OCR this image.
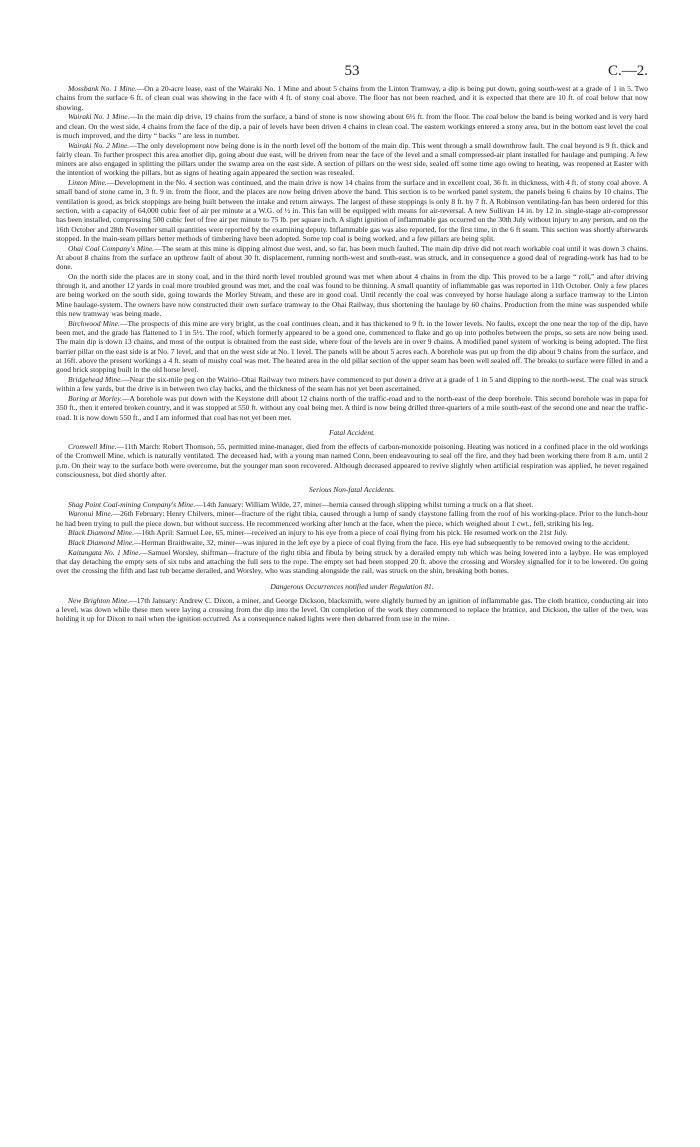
53	C.—2.

Mossbank No. 1 Mine.—On a 20-acre lease, east of the Wairaki No. 1 Mine and about 5 chains from the Linton Tramway, a dip is being put down, going south-west at a grade of 1 in 5. Two chains from the surface 6 ft. of clean coal was showing in the face with 4 ft. of stony coal above. The floor has not been reached, and it is expected that there are 10 ft. of coal below that now showing.

Wairaki No. 1 Mine.—In the main dip drive, 19 chains from the surface, a band of stone is now showing about 6½ ft. from the floor. The coal below the band is being worked and is very hard and clean. On the west side, 4 chains from the face of the dip, a pair of levels have been driven 4 chains in clean coal. The eastern workings entered a stony area, but in the bottom east level the coal is much improved, and the dirty “ backs ” are less in number.

Wairaki No. 2 Mine.—The only development now being done is in the north level off the bottom of the main dip. This went through a small downthrow fault. The coal beyond is 9 ft. thick and fairly clean. To further prospect this area another dip, going about due east, will be driven from near the face of the level and a small compressed-air plant installed for haulage and pumping. A few miners are also engaged in splitting the pillars under the swamp area on the east side. A section of pillars on the west side, sealed off some time ago owing to heating, was reopened at Easter with the intention of working the pillars, but as signs of heating again appeared the section was resealed.

Linton Mine.—Development in the No. 4 section was continued, and the main drive is now 14 chains from the surface and in excellent coal, 36 ft. in thickness, with 4 ft. of stony coal above. A small band of stone came in, 3 ft. 9 in. from the floor, and the places are now being driven above the band. This section is to be worked panel system, the panels being 6 chains by 10 chains. The ventilation is good, as brick stoppings are being built between the intake and return airways. The largest of these stoppings is only 8 ft. by 7 ft. A Robinson ventilating-fan has been ordered for this section, with a capacity of 64,000 cubic feet of air per minute at a W.G. of ½ in. This fan will be equipped with means for air-reversal. A new Sullivan 14 in. by 12 in. single-stage air-compressor has been installed, compressing 500 cubic feet of free air per minute to 75 lb. per square inch. A slight ignition of inflammable gas occurred on the 30th July without injury to any person, and on the 16th October and 28th November small quantities were reported by the examining deputy. Inflammable gas was also reported, for the first time, in the 6 ft seam. This section was shortly afterwards stopped. In the main-seam pillars better methods of timbering have been adopted. Some top coal is being worked, and a few pillars are being split.

Ohai Coal Company's Mine.—The seam at this mine is dipping almost due west, and, so far, has been much faulted. The main dip drive did not reach workable coal until it was down 3 chains. At about 8 chains from the surface an upthrow fault of about 30 ft. displacement, running north-west and south-east, was struck, and in consequence a good deal of regrading-work has had to be done.

On the north side the places are in stony coal, and in the third north level troubled ground was met when about 4 chains in from the dip. This proved to be a large “ roll,” and after driving through it, and another 12 yards in coal more troubled ground was met, and the coal was found to be thinning. A small quantity of inflammable gas was reported in 11th October. Only a few places are being worked on the south side, going towards the Morley Stream, and these are in good coal. Until recently the coal was conveyed by horse haulage along a surface tramway to the Linton Mine haulage-system. The owners have now constructed their own surface tramway to the Ohai Railway, thus shortening the haulage by 60 chains. Production from the mine was suspended while this new tramway was being made.

Birchwood Mine.—The prospects of this mine are very bright, as the coal continues clean, and it has thickened to 9 ft. in the lower levels. No faults, except the one near the top of the dip, have been met, and the grade has flattened to 1 in 5½. The roof, which formerly appeared to be a good one, commenced to flake and go up into potholes between the props, so sets are now being used. The main dip is down 13 chains, and most of the output is obtained from the east side, where four of the levels are in over 9 chains. A modified panel system of working is being adopted. The first barrier pillar on the east side is at No. 7 level, and that on the west side at No. 1 level. The panels will be about 5 acres each. A borehole was put up from the dip about 9 chains from the surface, and at 16ft. above the present workings a 4 ft. seam of mushy coal was met. The heated area in the old pillar section of the upper seam has been well sealed off. The breaks to surface were filled in and a good brick stopping built in the old horse level.

Bridgehead Mine.—Near the six-mile peg on the Wairio–Ohai Railway two miners have commenced to put down a drive at a grade of 1 in 5 and dipping to the north-west. The coal was struck within a few yards, but the drive is in between two clay backs, and the thickness of the seam has not yet been ascertained.

Boring at Morley.—A borehole was put down with the Keystone drill about 12 chains north of the traffic-road and to the north-east of the deep borehole. This second borehole was in papa for 350 ft., then it entered broken country, and it was stopped at 550 ft. without any coal being met. A third is now being drilled three-quarters of a mile south-east of the second one and near the traffic-road. It is now down 550 ft., and I am informed that coal has not yet been met.

Fatal Accident.

Cromwell Mine.—11th March: Robert Thomson, 55, permitted mine-manager, died from the effects of carbon-monoxide poisoning. Heating was noticed in a confined place in the old workings of the Cromwell Mine, which is naturally ventilated. The deceased had, with a young man named Conn, been endeavouring to seal off the fire, and they had been working there from 8 a.m. until 2 p.m. On their way to the surface both were overcome, but the younger man soon recovered. Although deceased appeared to revive slightly when artificial respiration was applied, he never regained consciousness, but died shortly after.

Serious Non-fatal Accidents.

Shag Point Coal-mining Company's Mine.—14th January: William Wilde, 27, miner—hernia caused through slipping whilst turning a truck on a flat sheet.

Waronui Mine.—26th February: Henry Chilvers, miner—fracture of the right tibia, caused through a lump of sandy claystone falling from the roof of his working-place. Prior to the lunch-hour he had been trying to pull the piece down, but without success. He recommenced working after lunch at the face, when the piece, which weighed about 1 cwt., fell, striking his leg.

Black Diamond Mine.—16th April: Samuel Lee, 65, miner—received an injury to his eye from a piece of coal flying from his pick. He resumed work on the 21st July.

Black Diamond Mine.—Herman Braithwaite, 32, miner—was injured in the left eye by a piece of coal flying from the face. His eye had subsequently to be removed owing to the accident.

Kaitangata No. 1 Mine.—Samuel Worsley, shiftman—fracture of the right tibia and fibula by being struck by a derailed empty tub which was being lowered into a laybye. He was employed that day detaching the empty sets of six tubs and attaching the full sets to the rope. The empty set had been stopped 20 ft. above the crossing and Worsley signalled for it to be lowered. On going over the crossing the fifth and last tub became derailed, and Worsley, who was standing alongside the rail, was struck on the shin, breaking both bones.

Dangerous Occurrences notified under Regulation 81.

New Brighton Mine.—17th January: Andrew C. Dixon, a miner, and George Dickson, blacksmith, were slightly burned by an ignition of inflammable gas. The cloth brattice, conducting air into a level, was down while these men were laying a crossing from the dip into the level. On completion of the work they commenced to replace the brattice, and Dickson, the taller of the two, was holding it up for Dixon to nail when the ignition occurred. As a consequence naked lights were then debarred from use in the mine.
